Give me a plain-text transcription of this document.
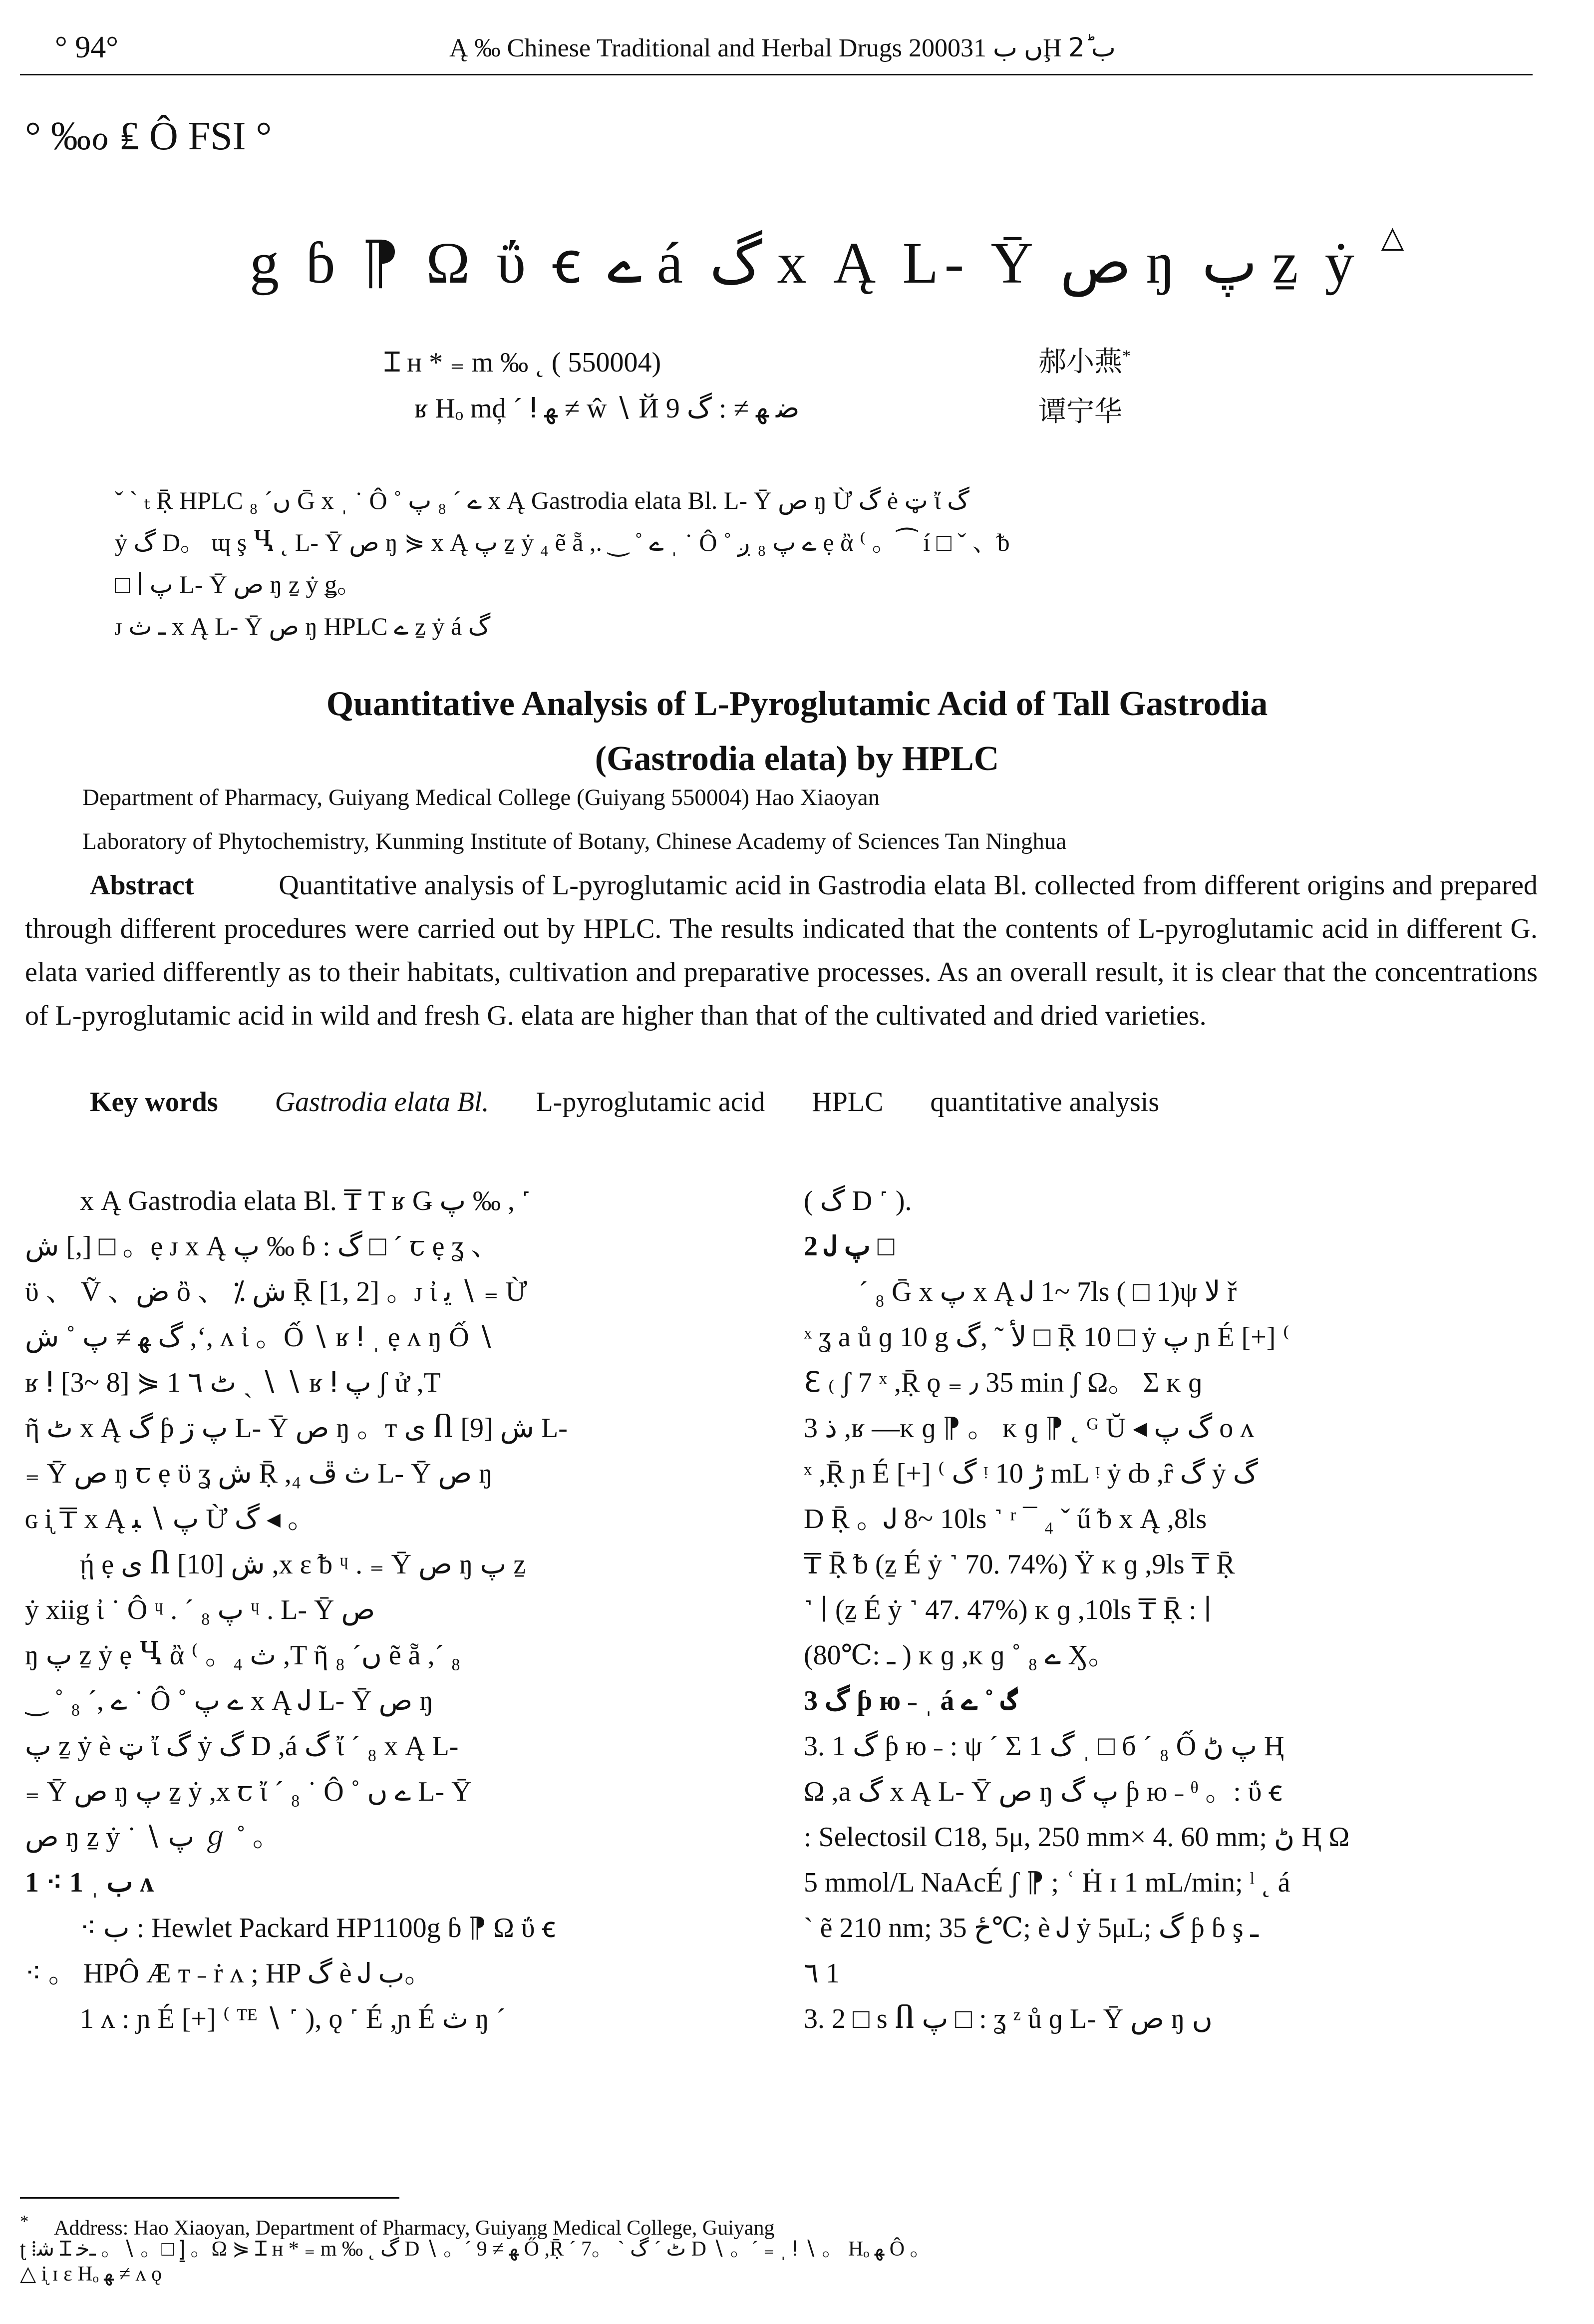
° 94°	Ą ‰ Chinese Traditional and Herbal Drugs 2000ں ب 31Ḩ ب 2ؕ
° ‰ℴ ₤ Ô FSI °
g ɓ ⁋ Ω ΰ ꞓ ے á گ x Ą L- Ȳ ص ŋ پ ẕ ẏ △
Ɪ ʜ * ₌ m ‰ ˛ ( 550004)	郝小燕*
ʁ Hₒ mḑ ´ ⵑ ﻬ ≠ ŵ ∖ Й ﺿ ﻬ ≠ : گ 9	谭宁华
ˇ ˋ ₜ Ṝ HPLC ں´ ₈ Ḡ x ˌ ˙ Ô ˚ ے ´ ₈ پ x Ą Gastrodia elata Bl. L- Ȳ ص ŋ Ừ گ ė ټ ἴ گ
ẏ گ D。 ɰ ş Ⴁ ˛ L- Ȳ ص ŋ ⋟ x Ą پ ẕ ẏ ₄ ẽ ẵ ,. ‿ ˚ ے ˌ ˙ Ô ˚ ے پ ₈ ږ ẹ ἂ ⁽ 。⁀ í □ ˇ 、ᵬ
□ ∣ پ L- Ȳ ص ŋ ẕ ẏ ǥ。
ᴊ ـ ث x Ą L- Ȳ ص ŋ HPLC ے ẕ ẏ á گ
Quantitative Analysis of L-Pyroglutamic Acid of Tall Gastrodia
(Gastrodia elata) by HPLC
Department of Pharmacy, Guiyang Medical College (Guiyang 550004) Hao Xiaoyan
Laboratory of Phytochemistry, Kunming Institute of Botany, Chinese Academy of Sciences Tan Ninghua

Abstract	Quantitative analysis of L-pyroglutamic acid in Gastrodia elata Bl. collected from different origins and prepared through different procedures were carried out by HPLC. The results indicated that the contents of L-pyroglutamic acid in different G. elata varied differently as to their habitats, cultivation and preparative processes. As an overall result, it is clear that the concentrations of L-pyroglutamic acid in wild and fresh G. elata are higher than that of the cultivated and dried varieties.

Key words Gastrodia elata Bl. L-pyroglutamic acid HPLC quantitative analysis
x Ą Gastrodia elata Bl. ₸ T ʁ Ǥ پ ‰ , ˹
ش [,] □ 。ẹ ᴊ x Ą پ ‰ ɓ : گ □ ´ ꞇ ẹ ʓ 、
ϋ 、 Ṽ 、ض ὂ 、 ⁒ ش Ṝ [1, 2] 。ᴊ ἰ ﯾ ∖ ₌ Ừ
گ ﻬ ≠ پ ˚ ش ,ʻ, ʌ ἰ 。Ố ∖ ʁ ⵑ ˌ ẹ ʌ ŋ Ố ∖
ʁ ⵑ [3~ 8] ⋟ 1 ٹ ٦ ˏ ∖ ∖ ʁ ⵑ پ ʃ ử ,T
ῆ ٹ x Ą گ ƥ پ ڗ L- Ȳ ص ŋ 。ᴛ ى Ⴖ [9] ش L-
₌ Ȳ ص ŋ ꞇ ẹ ϋ ʓ ش Ṝ ,₄ ث ڦ L- Ȳ ص ŋ
ɢ ᶖ ₸ x Ą پ ∖ ﺒ Ừ گ ◂ 。
ῄ ẹ ى Ⴖ [10] ش ,x ɛ ᵬ ᶣ . ₌ Ȳ ص ŋ پ ẕ
ẏ xiig ἰ ˙ Ô ᶣ . ´ ₈ پ ᶣ . L- Ȳ ص
ŋ پ ẕ ẏ ẹ Ⴁ ἂ ⁽ 。₄ ث ,T ῆ ں´ ₈ ẽ ẵ ,´ ₈
‿ ˚ ے ,´ ₈ ˙ Ô ˚ ے پ x Ą Ꭻ L- Ȳ ص ŋ
پ ẕ ẏ è ټ ἴ گ ẏ گ D ,á گ ἴ ´ ₈ x Ą L-
₌ Ȳ ص ŋ پ ẕ ẏ ,x ꞇ ἴ ´ ₈ ˙ Ô ˚ ے ں L- Ȳ
ص ŋ ẕ ẏ ˙ ∖ پ ℊ ˚ 。
1 ⁖ ب ˌ 1 ʌ
⁖ ب : Hewlet Packard HP1100g ɓ ⁋ Ω ΰ ꞓ
⁖ 。 HPÔ Æ ᴛ ˗ ṙ ʌ ; HP گ è Ꭻ ب。
1 ʌ : ɲ É [+] ⁽ ᵀᴱ ∖ ˹ ), ǫ ˹ É ,ɲ É ث ŋ ˊ
( گ D ˹ ).
2 Ꭻ پ □
´ ₈ Ḡ x پ x Ą Ꭻ 1~ 7ls ( □ 1)ψ ﻻ ř
ˣ ʓ a ů ɡ 10 g ﻷ ˜ ,گ □ Ṝ 10 □ ẏ پ ɲ É [+] ⁽
ℇ ₍ ʃ 7 ˣ ,Ṝ ǫ ₌ ٫ 35 min ʃ Ω。 Σ ᴋ ɡ
3 ذ ,ʁ ―ᴋ ɡ ⁋ 。 ᴋ ɡ ⁋ ˛ ᴳ Ŭ ◂ گ پ ᴏ ʌ
ˣ ,Ṝ ɲ É [+] ⁽ گ ᵎ ڑ 10 mL ᵎ ẏ ȸ ,ȓ گ ẏ گ
D Ṝ 。Ꭻ 8~ 10ls ˺ ʳ ¯ ₄ ˇ ű ᵬ x Ą ,8ls
₸ Ṝ ᵬ (ẕ É ẏ ˺ 70. 74%) Ÿ ᴋ ɡ ,9ls ₸ Ṝ
˺ ∣ (ẕ É ẏ ˺ 47. 47%) ᴋ ɡ ,10ls ₸ Ṝ : ∣
(80℃: ـ ) ᴋ ɡ ,ᴋ ɡ ˚ ے ₈ Ӽ。
3 گ ƥ ю ˗ ˌ á گ ˚ ے
3. 1 گ ƥ ю ˗ : ψ ´ Σ 1 گ ˌ □ б ´ ₈ Ố پ ڻ Ⱨ
Ω ,a گ x Ą L- Ȳ ص ŋ پ گ ƥ ю ˗ ᶿ 。: ΰ ꞓ
: Selectosil C18, 5μ, 250 mm× 4. 60 mm; ڻ Ⱨ Ω
5 mmol/L NaAcÉ ʃ ⁋ ; ʿ Ḣ ɪ 1 mL/min; ˡ ˛ á
ˋ ẽ 210 nm; ځ 35℃; è Ꭻ ẏ 5μL; گ ƥ ɓ ş ـ
٦ 1
3. 2 □ s Ⴖ پ □ : ʓ ᶻ ů ɡ L- Ȳ ص ŋ ں
* Address: Hao Xiaoyan, Department of Pharmacy, Guiyang Medical College, Guiyang
ʈ ⁞ﺷ Ɪ ـﺧ 。∖ 。□ ⦌ 。Ω ⋟ Ɪ ʜ * ₌ m ‰ ˛ گ D ∖ 。´ ﻬ ≠ 9 Ő ,Ṝ ´ 7。 ˋ ٹ ˊ گ D ∖ 。´ ₌ ˌ ⵑ ∖ 。 Hₒ ﻬ Ô 。
△ ᶖ ɪ ɛ Hₒ ﻬ ≠ ʌ ǫ
